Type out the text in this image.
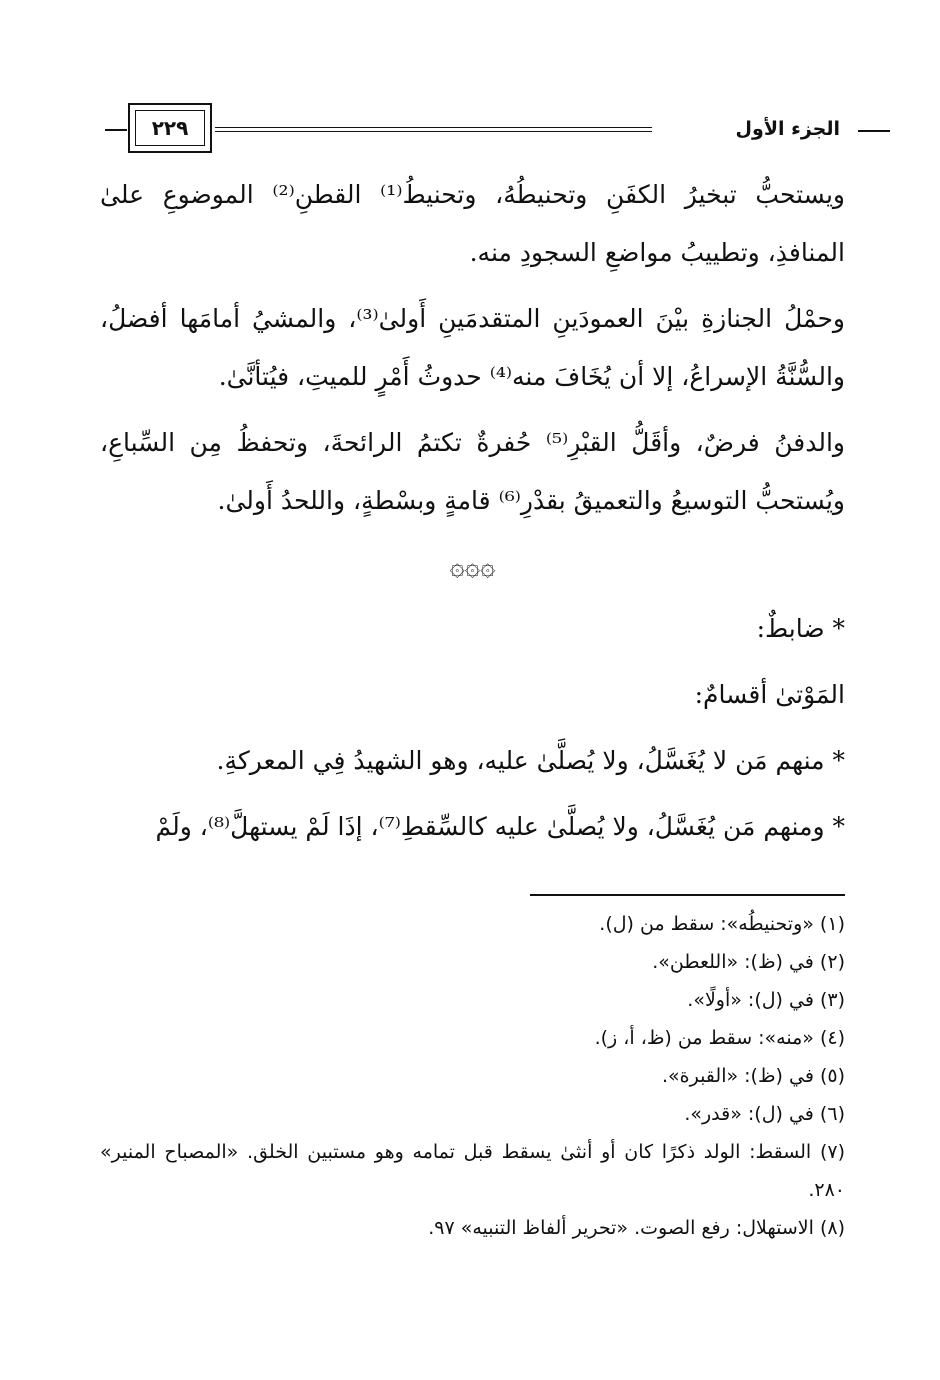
الجزء الأول
٢٢٩

ويستحبُّ تبخيرُ الكفَنِ وتحنيطُهُ، وتحنيطُ⁽¹⁾ القطنِ⁽²⁾ الموضوعِ علىٰ المنافذِ، وتطييبُ مواضعِ السجودِ منه.

وحمْلُ الجنازةِ بيْنَ العمودَينِ المتقدمَينِ أَولىٰ⁽³⁾، والمشيُ أمامَها أفضلُ، والسُّنَّةُ الإسراعُ، إلا أن يُخَافَ منه⁽⁴⁾ حدوثُ أَمْرٍ للميتِ، فيُتأنَّىٰ.

والدفنُ فرضٌ، وأقَلُّ القبْرِ⁽⁵⁾ حُفرةٌ تكتمُ الرائحةَ، وتحفظُ مِن السِّباعِ، ويُستحبُّ التوسيعُ والتعميقُ بقدْرِ⁽⁶⁾ قامةٍ وبسْطةٍ، واللحدُ أَولىٰ.

۞۞۞

* ضابطٌ:

المَوْتىٰ أقسامٌ:

* منهم مَن لا يُغَسَّلُ، ولا يُصلَّىٰ عليه، وهو الشهيدُ فِي المعركةِ.

* ومنهم مَن يُغَسَّلُ، ولا يُصلَّىٰ عليه كالسِّقطِ⁽⁷⁾، إذَا لَمْ يستهلَّ⁽⁸⁾، ولَمْ

(١) «وتحنيطُه»: سقط من (ل).

(٢) في (ظ): «اللعطن».

(٣) في (ل): «أولًا».

(٤) «منه»: سقط من (ظ، أ، ز).

(٥) في (ظ): «القبرة».

(٦) في (ل): «قدر».

(٧) السقط: الولد ذكرًا كان أو أنثىٰ يسقط قبل تمامه وهو مستبين الخلق. «المصباح المنير» ٢٨٠.

(٨) الاستهلال: رفع الصوت. «تحرير ألفاظ التنبيه» ٩٧.
